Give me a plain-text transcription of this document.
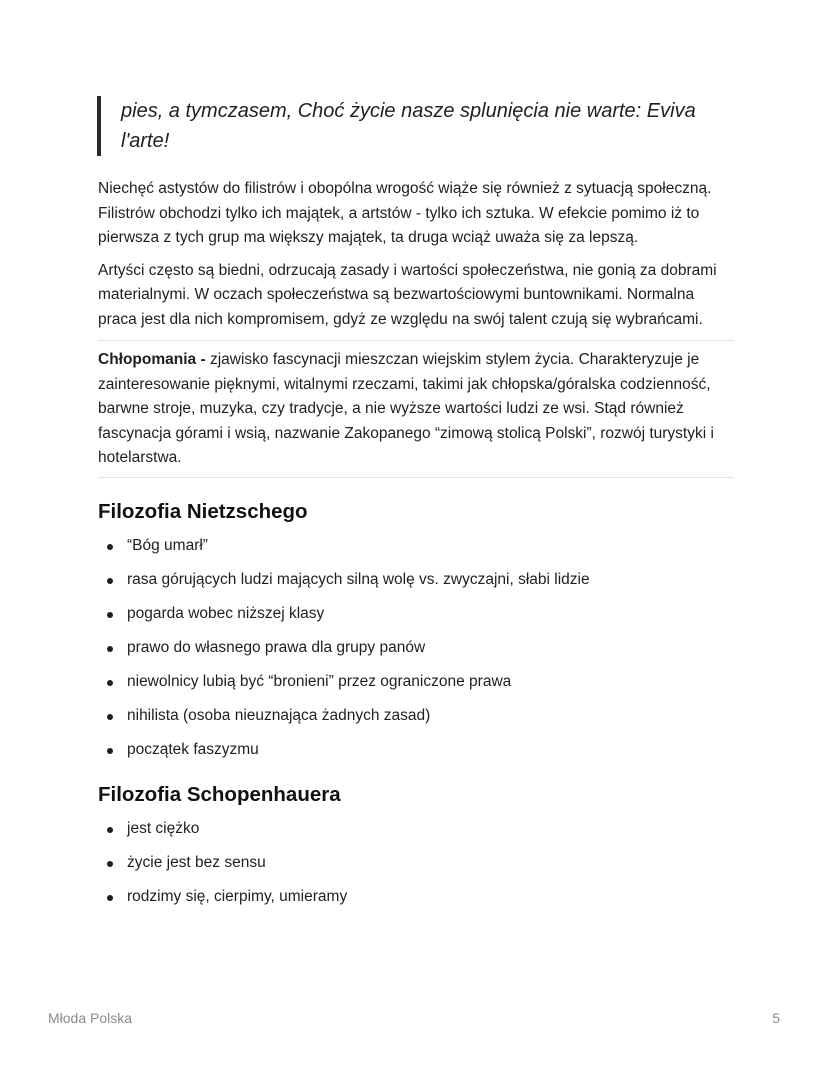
pies, a tymczasem, Choć życie nasze splunięcia nie warte: Eviva l'arte!

Niechęć astystów do filistrów i obopólna wrogość wiąże się również z sytuacją społeczną. Filistrów obchodzi tylko ich majątek, a artstów - tylko ich sztuka. W efekcie pomimo iż to pierwsza z tych grup ma większy majątek, ta druga wciąż uważa się za lepszą.

Artyści często są biedni, odrzucają zasady i wartości społeczeństwa, nie gonią za dobrami materialnymi. W oczach społeczeństwa są bezwartościowymi buntownikami. Normalna praca jest dla nich kompromisem, gdyż ze względu na swój talent czują się wybrańcami.

Chłopomania - zjawisko fascynacji mieszczan wiejskim stylem życia. Charakteryzuje je zainteresowanie pięknymi, witalnymi rzeczami, takimi jak chłopska/góralska codzienność, barwne stroje, muzyka, czy tradycje, a nie wyższe wartości ludzi ze wsi. Stąd również fascynacja górami i wsią, nazwanie Zakopanego “zimową stolicą Polski”, rozwój turystyki i hotelarstwa.

Filozofia Nietzschego
“Bóg umarł”
rasa górujących ludzi mających silną wolę vs. zwyczajni, słabi lidzie
pogarda wobec niższej klasy
prawo do własnego prawa dla grupy panów
niewolnicy lubią być “bronieni” przez ograniczone prawa
nihilista (osoba nieuznająca żadnych zasad)
początek faszyzmu
Filozofia Schopenhauera
jest ciężko
życie jest bez sensu
rodzimy się, cierpimy, umieramy
Młoda Polska	5
